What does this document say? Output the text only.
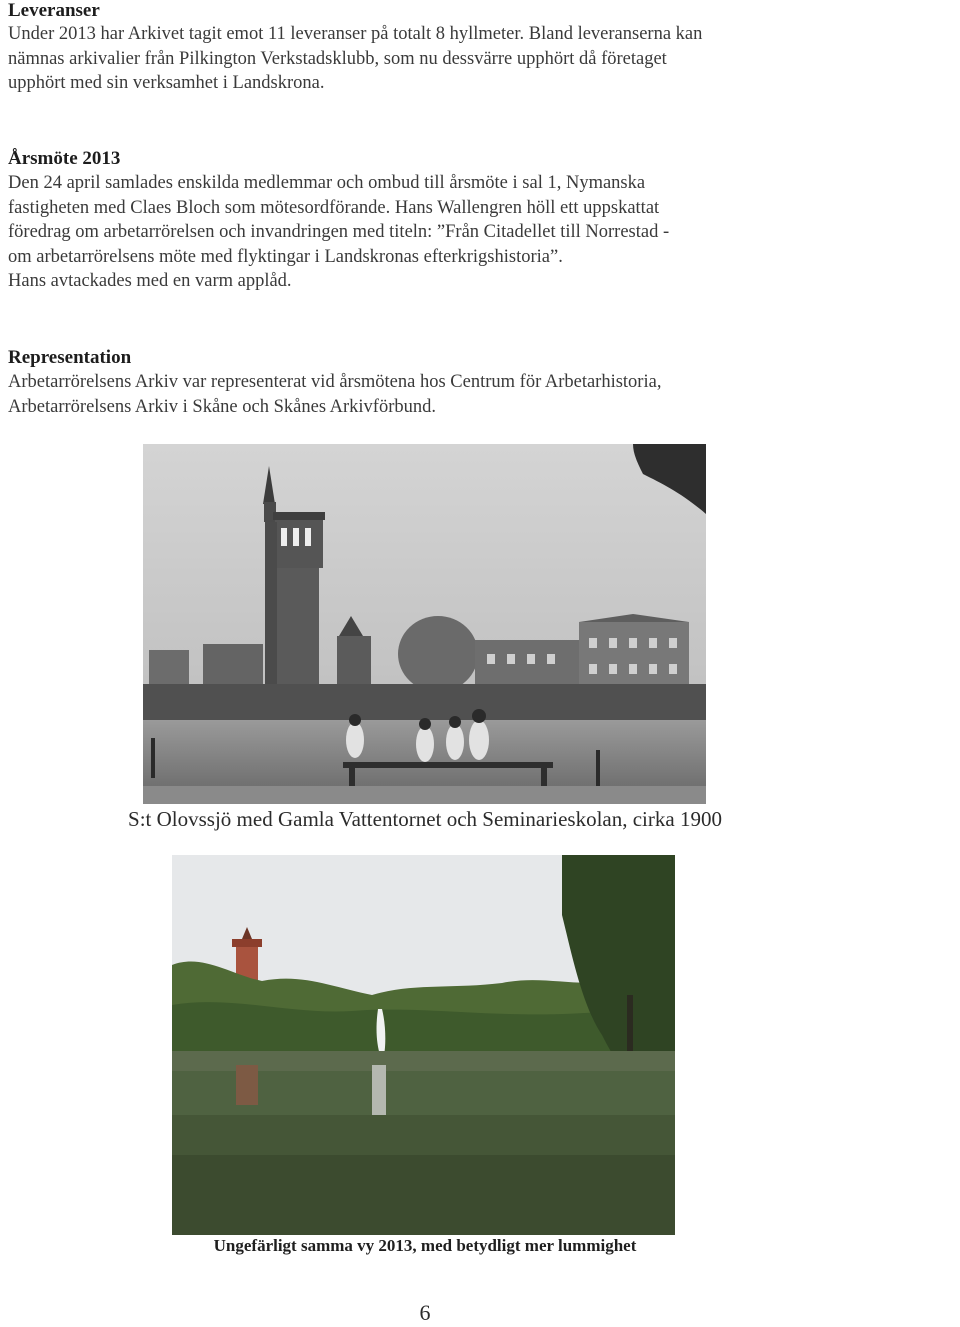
Leveranser
Under 2013 har Arkivet tagit emot 11 leveranser på totalt 8 hyllmeter. Bland leveranserna kan
nämnas arkivalier från Pilkington Verkstadsklubb, som nu dessvärre upphört då företaget
upphört med sin verksamhet i Landskrona.
Årsmöte 2013
Den 24 april samlades enskilda medlemmar och ombud till årsmöte i sal 1, Nymanska
fastigheten med Claes Bloch som mötesordförande. Hans Wallengren höll ett uppskattat
föredrag om arbetarrörelsen och invandringen med titeln: ”Från Citadellet till Norrestad -
om arbetarrörelsens möte med flyktingar i Landskronas efterkrigshistoria”.
Hans avtackades med en varm applåd.
Representation
Arbetarrörelsens Arkiv var representerat vid årsmötena hos Centrum för Arbetarhistoria,
Arbetarrörelsens Arkiv i Skåne och Skånes Arkivförbund.
S:t Olovssjö med Gamla Vattentornet och Seminarieskolan, cirka 1900
Ungefärligt samma vy 2013, med betydligt mer lummighet
6
